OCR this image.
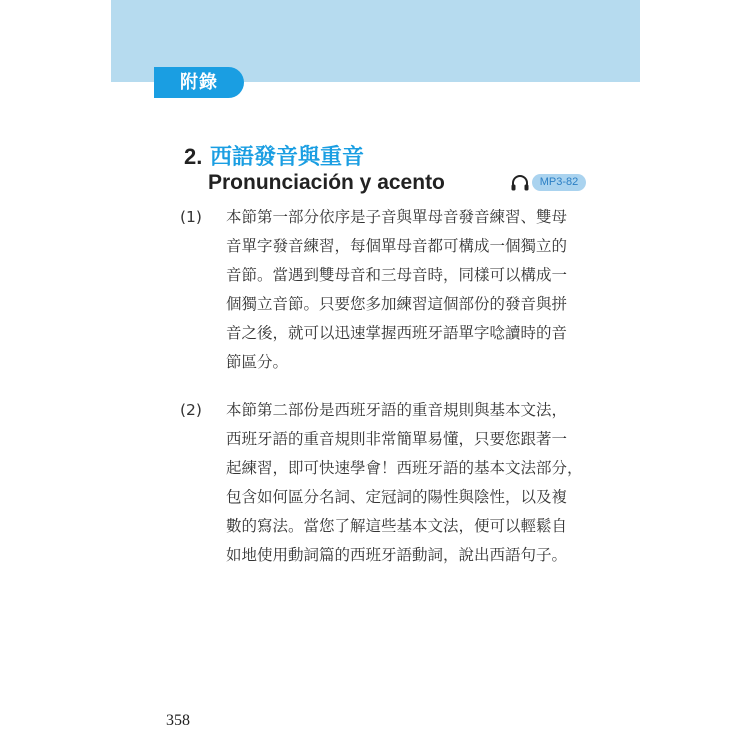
附錄
2. 西語發音與重音
Pronunciación y acento	MP3-82
(1) 本節第一部分依序是子音與單母音發音練習、雙母
音單字發音練習，每個單母音都可構成一個獨立的
音節。當遇到雙母音和三母音時，同樣可以構成一
個獨立音節。只要您多加練習這個部份的發音與拼
音之後，就可以迅速掌握西班牙語單字唸讀時的音
節區分。
(2) 本節第二部份是西班牙語的重音規則與基本文法，
西班牙語的重音規則非常簡單易懂，只要您跟著一
起練習，即可快速學會！西班牙語的基本文法部分，
包含如何區分名詞、定冠詞的陽性與陰性，以及複
數的寫法。當您了解這些基本文法，便可以輕鬆自
如地使用動詞篇的西班牙語動詞，說出西語句子。
358
